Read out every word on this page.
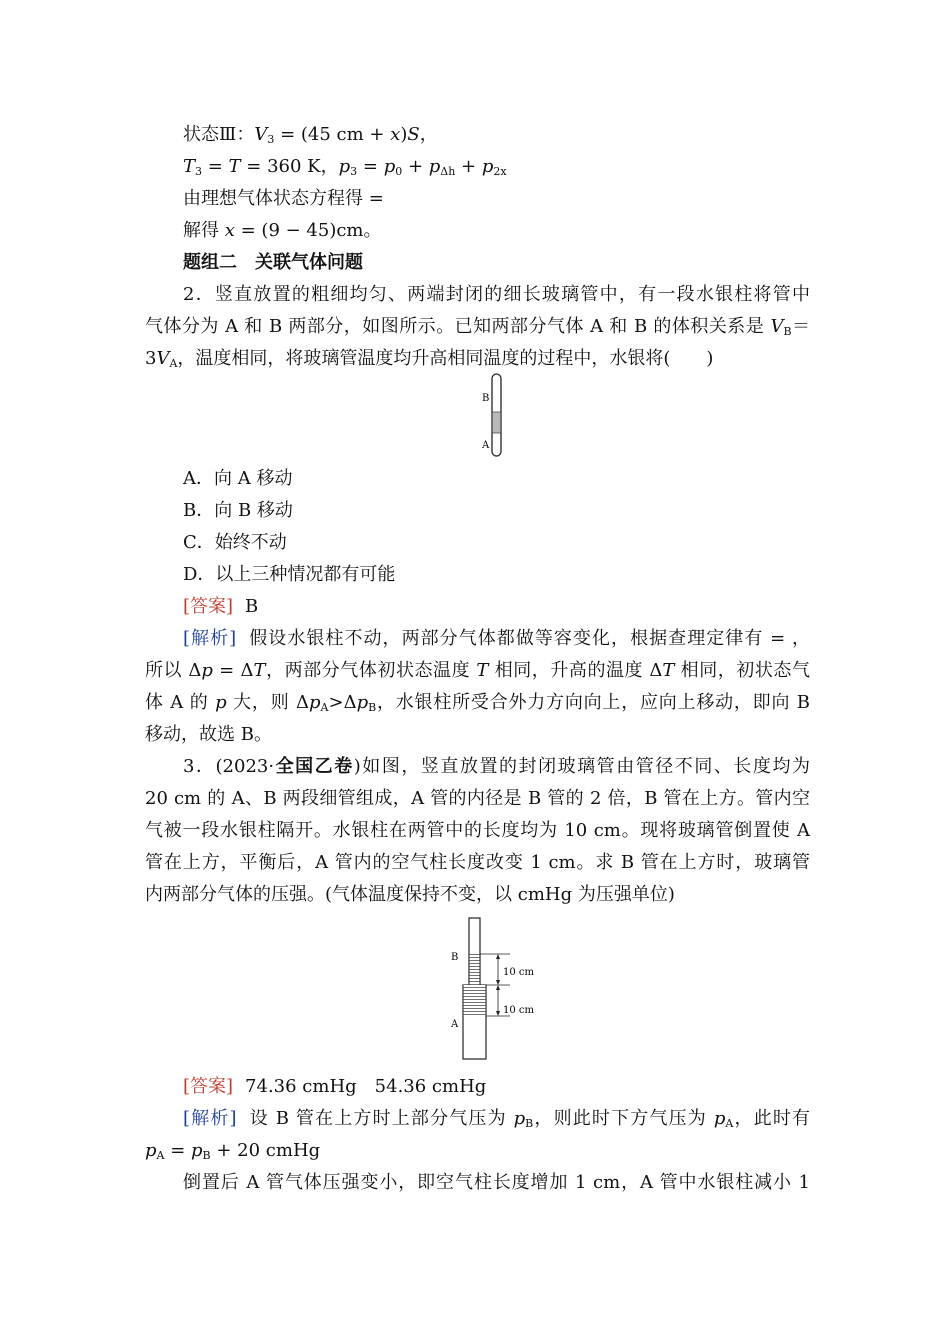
状态Ⅲ：$V_3 = (45$ cm + x)S，
$T_3 = T = 360$ K，$p_3 = p_0 + p_{\Delta h} + p_{2x}$
由理想气体状态方程得 =
解得 x = (9 − 45)cm。
题组二　关联气体问题
2．竖直放置的粗细均匀、两端封闭的细长玻璃管中，有一段水银柱将管中
气体分为 A 和 B 两部分，如图所示。已知两部分气体 A 和 B 的体积关系是 $V_B=$
$3V_A$，温度相同，将玻璃管温度均升高相同温度的过程中，水银将(　　)
B
A
A．向 A 移动
B．向 B 移动
C．始终不动
D．以上三种情况都有可能
[答案] B
[解析] 假设水银柱不动，两部分气体都做等容变化，根据查理定律有 = ，
所以 Δp = ΔT，两部分气体初状态温度 T 相同，升高的温度 ΔT 相同，初状态气
体 A 的 p 大，则 $\Delta p_A>\Delta p_B$，水银柱所受合外力方向向上，应向上移动，即向 B
移动，故选 B。
3．(2023·全国乙卷)如图，竖直放置的封闭玻璃管由管径不同、长度均为
20 cm 的 A、B 两段细管组成，A 管的内径是 B 管的 2 倍，B 管在上方。管内空
气被一段水银柱隔开。水银柱在两管中的长度均为 10 cm。现将玻璃管倒置使 A
管在上方，平衡后，A 管内的空气柱长度改变 1 cm。求 B 管在上方时，玻璃管
内两部分气体的压强。(气体温度保持不变，以 cmHg 为压强单位)
10 cm
10 cm
B
A
[答案] 74.36 cmHg　54.36 cmHg
[解析] 设 B 管在上方时上部分气压为 $p_B$，则此时下方气压为 $p_A$，此时有
$p_A = p_B + 20$ cmHg
倒置后 A 管气体压强变小，即空气柱长度增加 1 cm，A 管中水银柱减小 1
